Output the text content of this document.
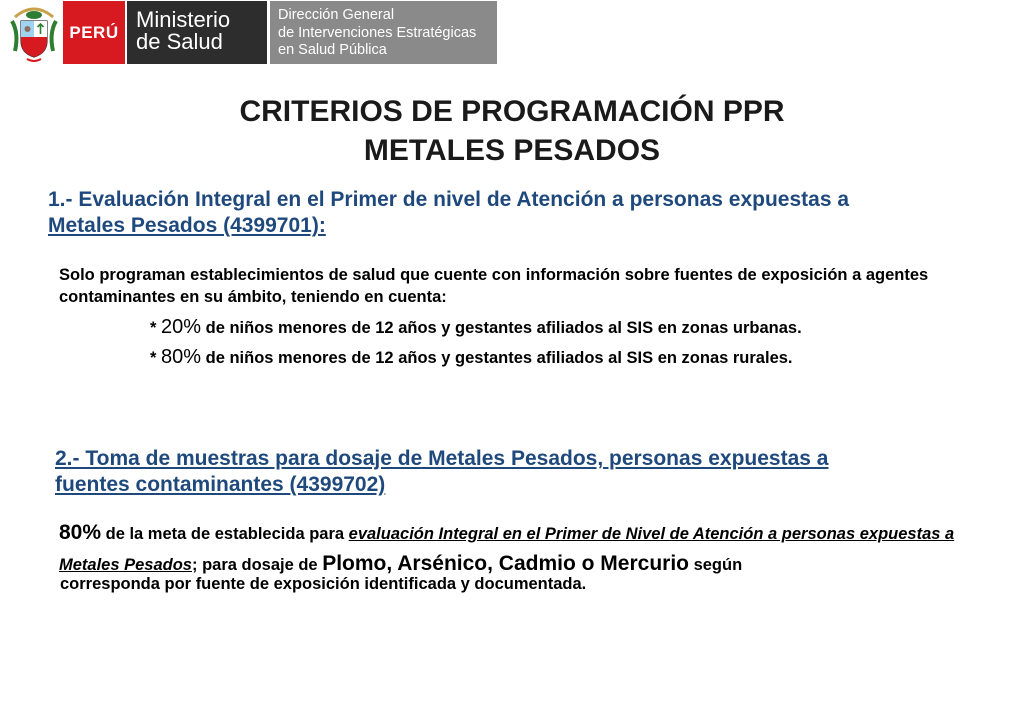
PERÚ Ministerio
de Salud
Dirección General
de Intervenciones Estratégicas
en Salud Pública
CRITERIOS DE PROGRAMACIÓN PPR
METALES PESADOS
1.- Evaluación Integral en el Primer de nivel de Atención a personas expuestas a
Metales Pesados (4399701):
Solo programan establecimientos de salud que cuente con información sobre fuentes de exposición a agentes contaminantes en su ámbito, teniendo en cuenta:
* 20% de niños menores de 12 años y gestantes afiliados al SIS en zonas urbanas.
* 80% de niños menores de 12 años y gestantes afiliados al SIS en zonas rurales.
2.- Toma de muestras para dosaje de Metales Pesados, personas expuestas a
fuentes contaminantes (4399702)
80% de la meta de establecida para evaluación Integral en el Primer de Nivel de Atención a personas expuestas a Metales Pesados; para dosaje de Plomo, Arsénico, Cadmio o Mercurio según
corresponda por fuente de exposición identificada y documentada.
